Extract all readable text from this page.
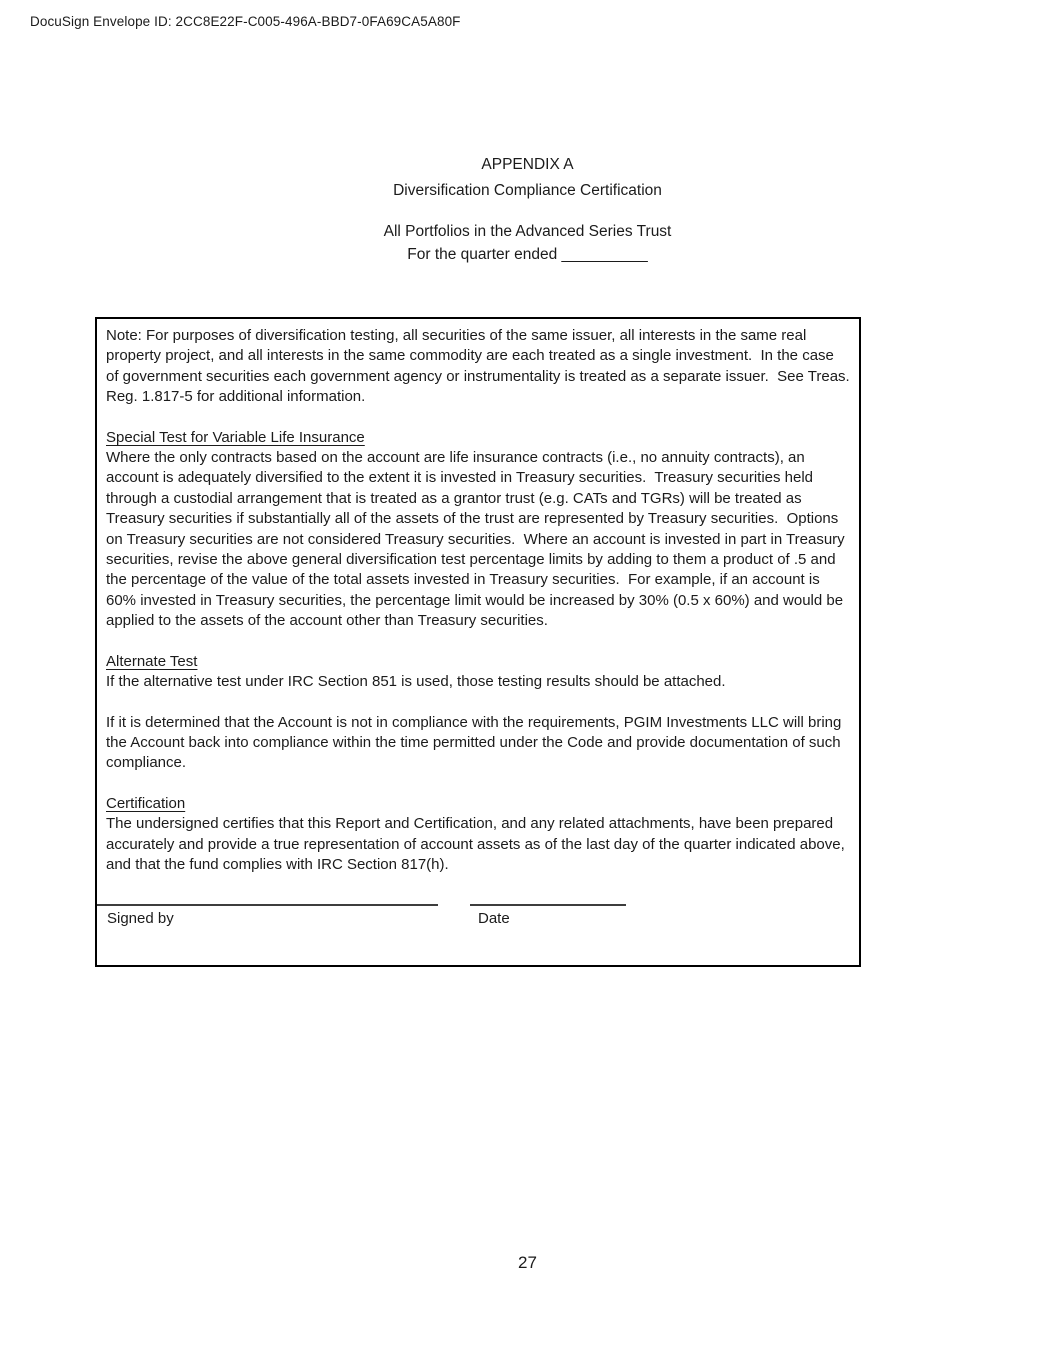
DocuSign Envelope ID: 2CC8E22F-C005-496A-BBD7-0FA69CA5A80F
APPENDIX A
Diversification Compliance Certification
All Portfolios in the Advanced Series Trust
For the quarter ended __________

Note: For purposes of diversification testing, all securities of the same issuer, all interests in the same real property project, and all interests in the same commodity are each treated as a single investment.  In the case of government securities each government agency or instrumentality is treated as a separate issuer.  See Treas. Reg. 1.817-5 for additional information.

Special Test for Variable Life Insurance

Where the only contracts based on the account are life insurance contracts (i.e., no annuity contracts), an account is adequately diversified to the extent it is invested in Treasury securities.  Treasury securities held through a custodial arrangement that is treated as a grantor trust (e.g. CATs and TGRs) will be treated as Treasury securities if substantially all of the assets of the trust are represented by Treasury securities.  Options on Treasury securities are not considered Treasury securities.  Where an account is invested in part in Treasury securities, revise the above general diversification test percentage limits by adding to them a product of .5 and the percentage of the value of the total assets invested in Treasury securities.  For example, if an account is 60% invested in Treasury securities, the percentage limit would be increased by 30% (0.5 x 60%) and would be applied to the assets of the account other than Treasury securities.

Alternate Test

If the alternative test under IRC Section 851 is used, those testing results should be attached.

If it is determined that the Account is not in compliance with the requirements, PGIM Investments LLC will bring the Account back into compliance within the time permitted under the Code and provide documentation of such compliance.

Certification

The undersigned certifies that this Report and Certification, and any related attachments, have been prepared accurately and provide a true representation of account assets as of the last day of the quarter indicated above, and that the fund complies with IRC Section 817(h).

Signed by	Date
27
